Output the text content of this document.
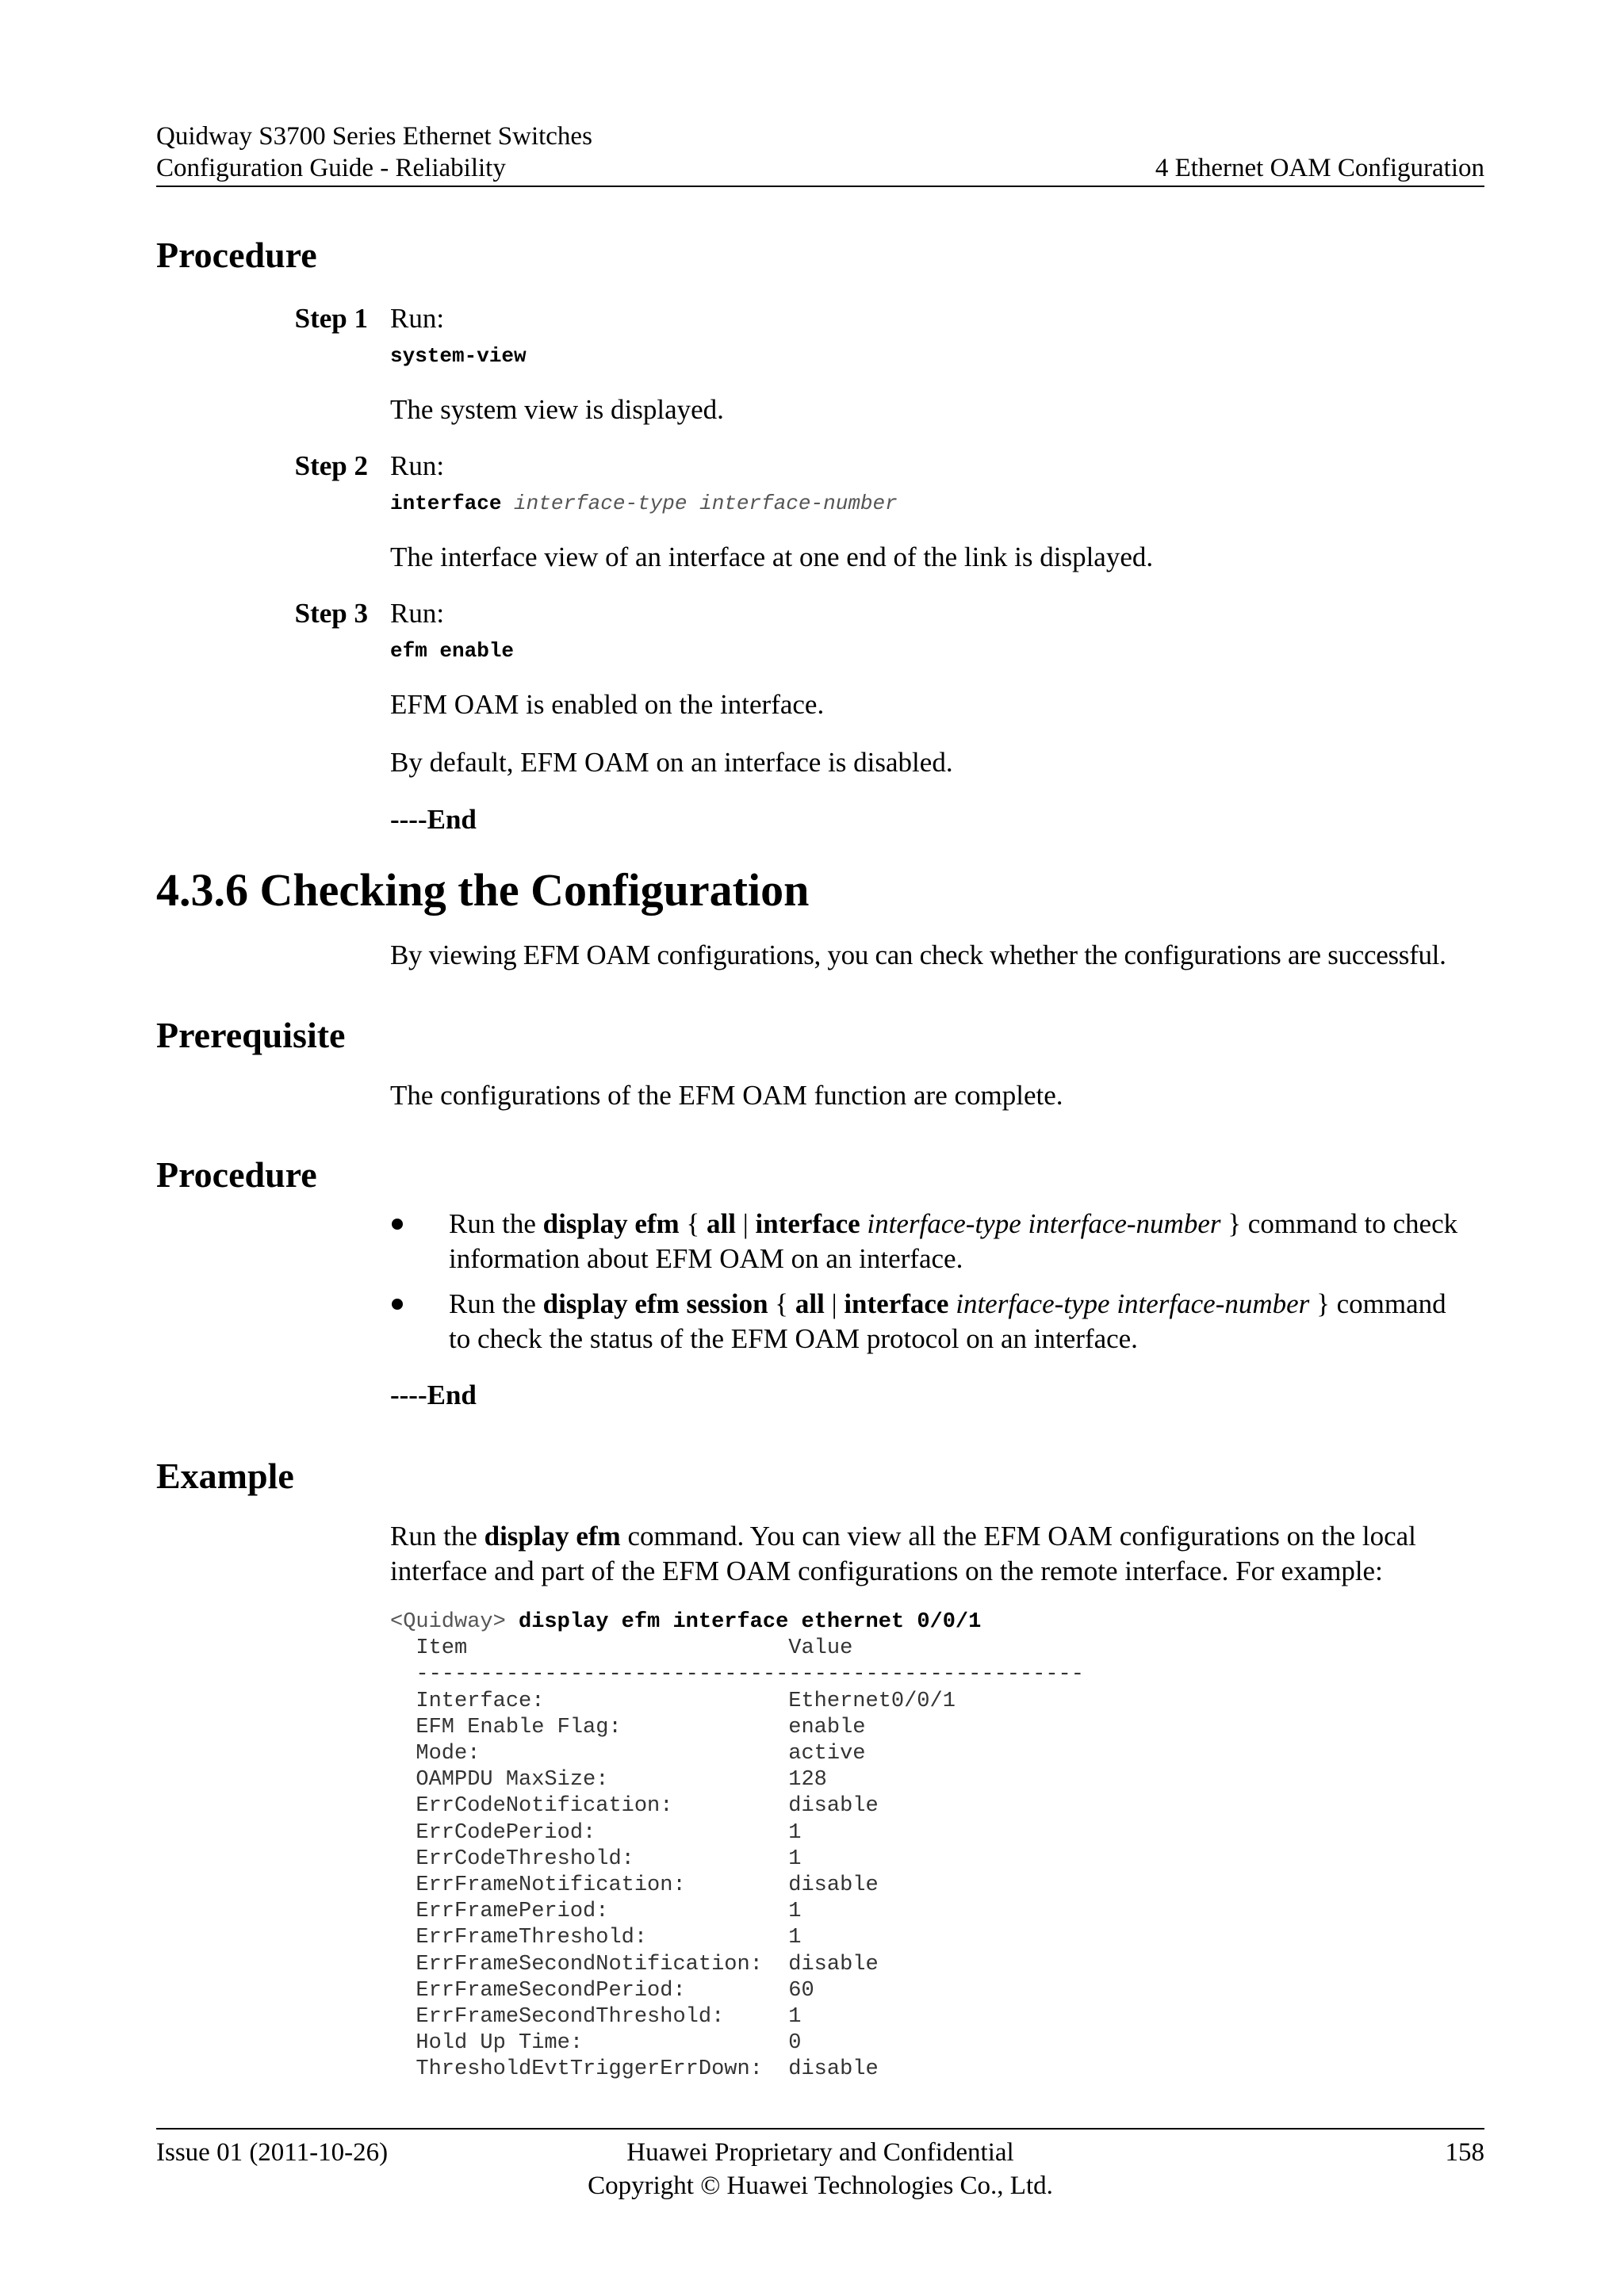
Quidway S3700 Series Ethernet Switches
Configuration Guide - Reliability	4 Ethernet OAM Configuration
Procedure
Step 1 Run:
system-view
The system view is displayed.
Step 2 Run:
interface interface-type interface-number
The interface view of an interface at one end of the link is displayed.
Step 3 Run:
efm enable
EFM OAM is enabled on the interface.
By default, EFM OAM on an interface is disabled.
----End
4.3.6 Checking the Configuration
By viewing EFM OAM configurations, you can check whether the configurations are successful.
Prerequisite
The configurations of the EFM OAM function are complete.
Procedure
Run the display efm { all | interface interface-type interface-number } command to check
information about EFM OAM on an interface.
Run the display efm session { all | interface interface-type interface-number } command
to check the status of the EFM OAM protocol on an interface.
----End
Example
Run the display efm command. You can view all the EFM OAM configurations on the local
interface and part of the EFM OAM configurations on the remote interface. For example:
<Quidway> display efm interface ethernet 0/0/1
Item                         Value
----------------------------------------------------
Interface:                   Ethernet0/0/1
EFM Enable Flag:             enable
Mode:                        active
OAMPDU MaxSize:              128
ErrCodeNotification:         disable
ErrCodePeriod:               1
ErrCodeThreshold:            1
ErrFrameNotification:        disable
ErrFramePeriod:              1
ErrFrameThreshold:           1
ErrFrameSecondNotification:  disable
ErrFrameSecondPeriod:        60
ErrFrameSecondThreshold:     1
Hold Up Time:                0
ThresholdEvtTriggerErrDown:  disable
Issue 01 (2011-10-26)	Huawei Proprietary and Confidential
Copyright © Huawei Technologies Co., Ltd.
158
